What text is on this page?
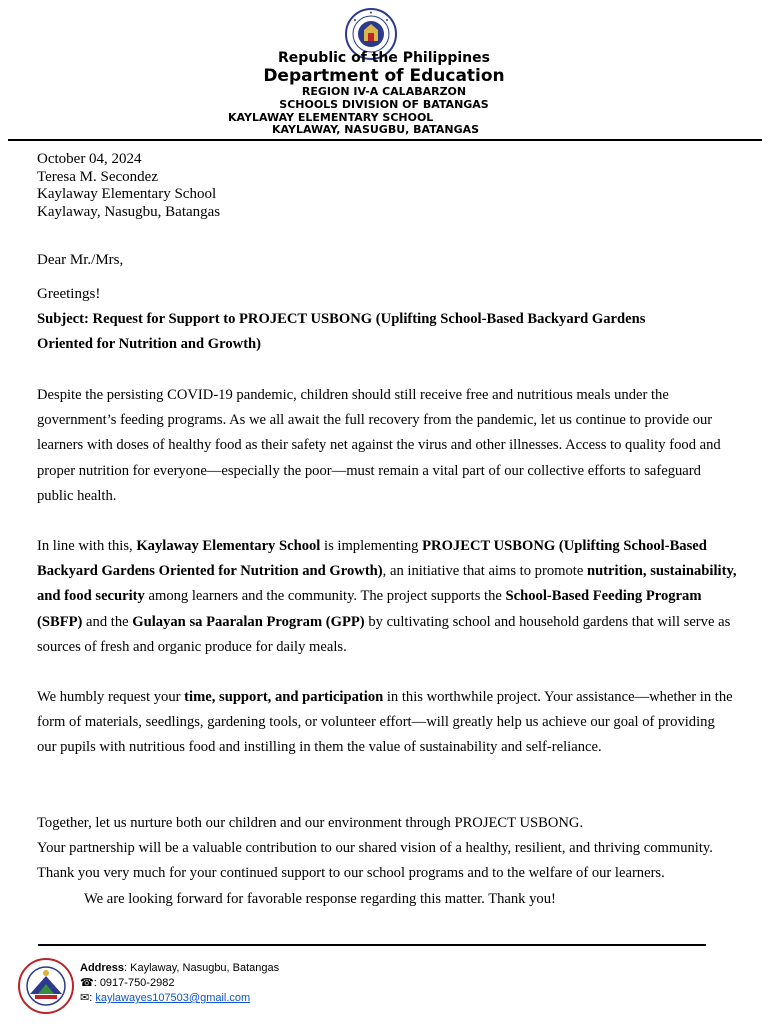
Republic of the Philippines
Department of Education
REGION IV-A CALABARZON
SCHOOLS DIVISION OF BATANGAS
KAYLAWAY ELEMENTARY SCHOOL
KAYLAWAY, NASUGBU, BATANGAS
October 04, 2024
Teresa M. Secondez
Kaylaway Elementary School
Kaylaway, Nasugbu, Batangas
Dear Mr./Mrs,
Greetings!

Subject: Request for Support to PROJECT USBONG (Uplifting School-Based Backyard Gardens

Oriented for Nutrition and Growth)

Despite the persisting COVID-19 pandemic, children should still receive free and nutritious meals under the government’s feeding programs. As we all await the full recovery from the pandemic, let us continue to provide our learners with doses of healthy food as their safety net against the virus and other illnesses. Access to quality food and proper nutrition for everyone—especially the poor—must remain a vital part of our collective efforts to safeguard public health.

In line with this, Kaylaway Elementary School is implementing PROJECT USBONG (Uplifting School-Based Backyard Gardens Oriented for Nutrition and Growth), an initiative that aims to promote nutrition, sustainability, and food security among learners and the community. The project supports the School-Based Feeding Program (SBFP) and the Gulayan sa Paaralan Program (GPP) by cultivating school and household gardens that will serve as sources of fresh and organic produce for daily meals.

We humbly request your time, support, and participation in this worthwhile project. Your assistance—whether in the form of materials, seedlings, gardening tools, or volunteer effort—will greatly help us achieve our goal of providing our pupils with nutritious food and instilling in them the value of sustainability and self-reliance.

Together, let us nurture both our children and our environment through PROJECT USBONG.

Your partnership will be a valuable contribution to our shared vision of a healthy, resilient, and thriving community.

Thank you very much for your continued support to our school programs and to the welfare of our learners.

We are looking forward for favorable response regarding this matter. Thank you!

Address: Kaylaway, Nasugbu, Batangas
☎: 0917-750-2982
✉: kaylawayes107503@gmail.com
